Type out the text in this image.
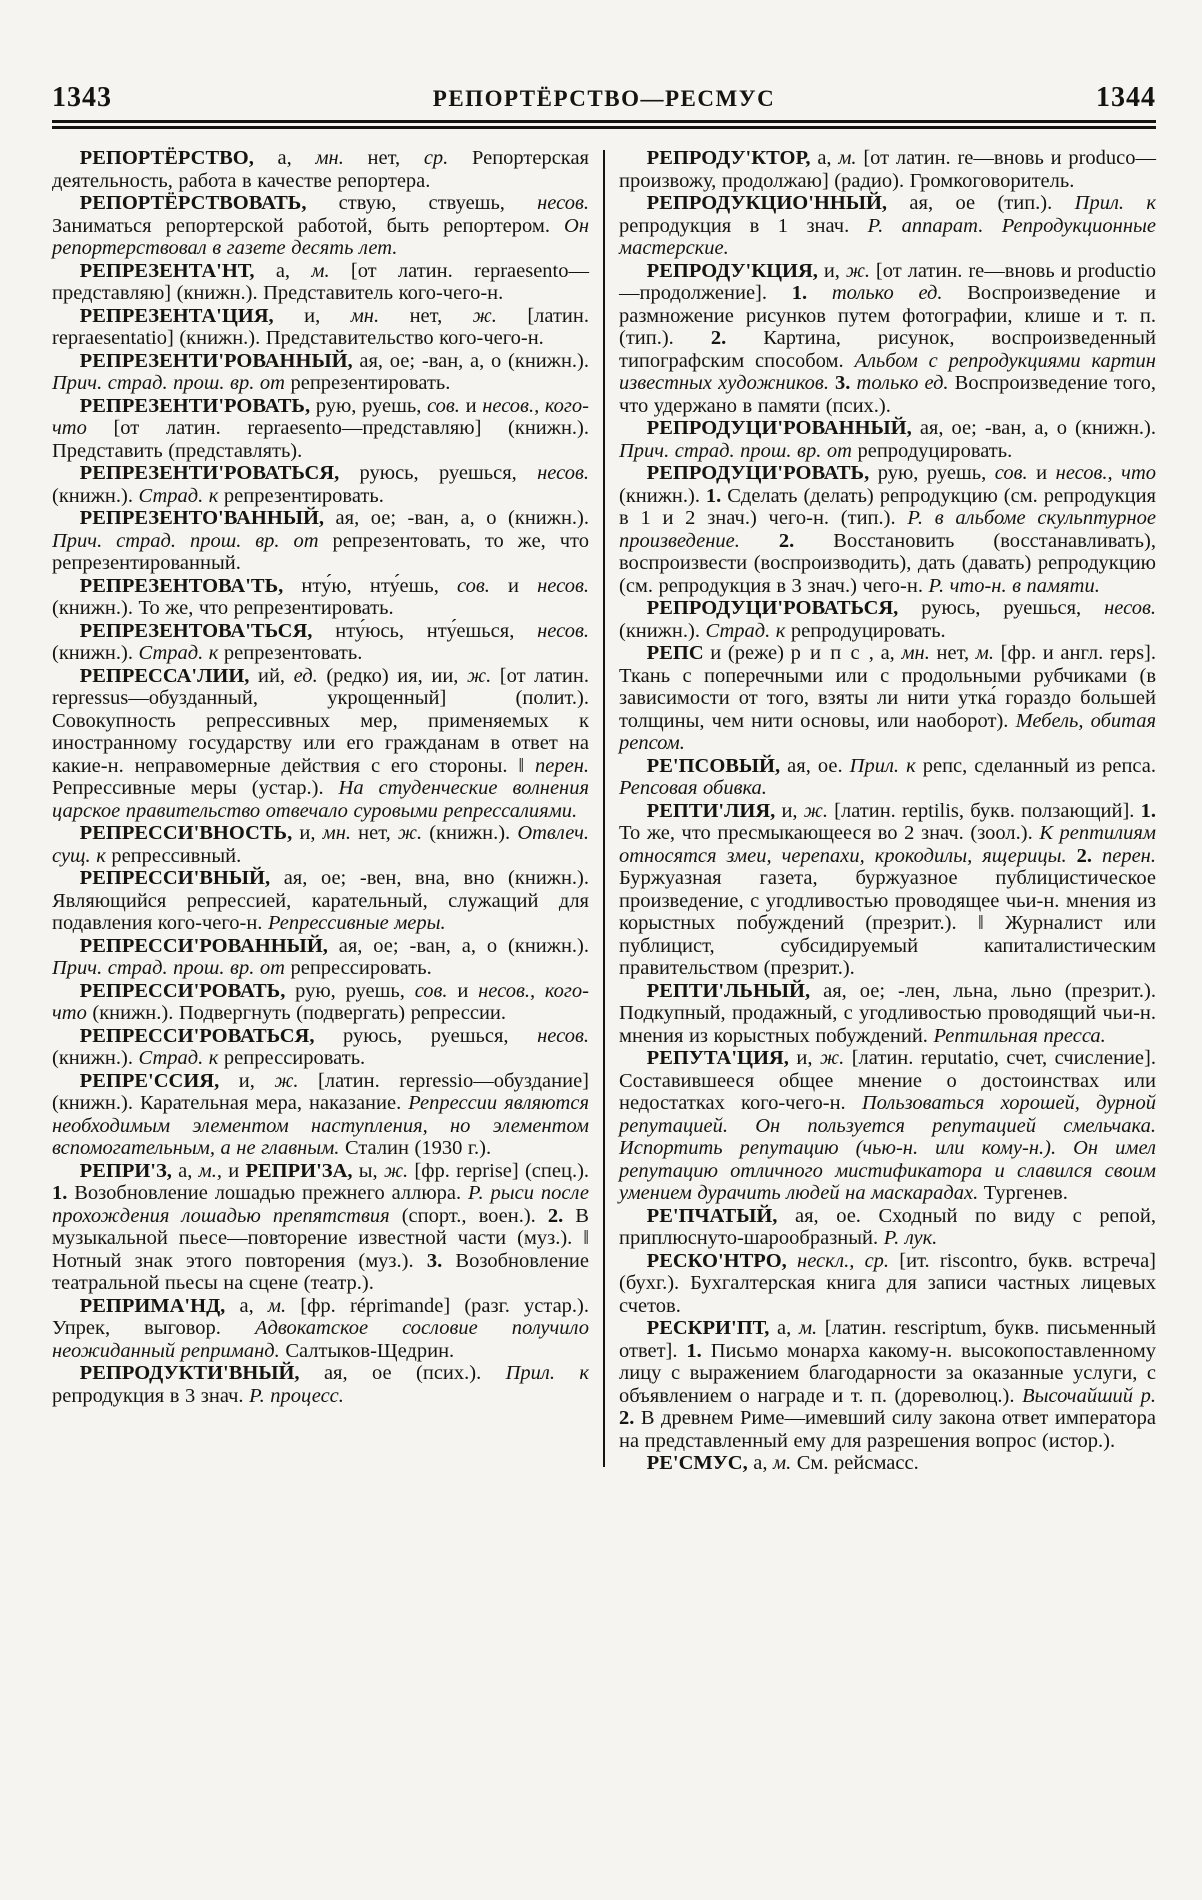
1343	РЕПОРТЁРСТВО—РЕСМУС	1344

РЕПОРТЁРСТВО, а, мн. нет, ср. Репортерская деятельность, работа в качестве репортера.

РЕПОРТЁРСТВОВАТЬ, ствую, ствуешь, несов. Заниматься репортерской работой, быть репортером. Он репортерствовал в газете десять лет.

РЕПРЕЗЕНТА'НТ, а, м. [от латин. repraesento—представляю] (книжн.). Представитель кого-чего-н.

РЕПРЕЗЕНТА'ЦИЯ, и, мн. нет, ж. [латин. repraesentatio] (книжн.). Представительство кого-чего-н.

РЕПРЕЗЕНТИ'РОВАННЫЙ, ая, ое; -ван, а, о (книжн.). Прич. страд. прош. вр. от репрезентировать.

РЕПРЕЗЕНТИ'РОВАТЬ, рую, руешь, сов. и несов., кого-что [от латин. repraesento—представляю] (книжн.). Представить (представлять).

РЕПРЕЗЕНТИ'РОВАТЬСЯ, руюсь, руешься, несов. (книжн.). Страд. к репрезентировать.

РЕПРЕЗЕНТО'ВАННЫЙ, ая, ое; -ван, а, о (книжн.). Прич. страд. прош. вр. от репрезентовать, то же, что репрезентированный.

РЕПРЕЗЕНТОВА'ТЬ, нту́ю, нту́ешь, сов. и несов. (книжн.). То же, что репрезентировать.

РЕПРЕЗЕНТОВА'ТЬСЯ, нту́юсь, нту́ешься, несов. (книжн.). Страд. к репрезентовать.

РЕПРЕССА'ЛИИ, ий, ед. (редко) ия, ии, ж. [от латин. repressus—обузданный, укрощенный] (полит.). Совокупность репрессивных мер, применяемых к иностранному государству или его гражданам в ответ на какие-н. неправомерные действия с его стороны. ‖ перен. Репрессивные меры (устар.). На студенческие волнения царское правительство отвечало суровыми репрессалиями.

РЕПРЕССИ'ВНОСТЬ, и, мн. нет, ж. (книжн.). Отвлеч. сущ. к репрессивный.

РЕПРЕССИ'ВНЫЙ, ая, ое; -вен, вна, вно (книжн.). Являющийся репрессией, карательный, служащий для подавления кого-чего-н. Репрессивные меры.

РЕПРЕССИ'РОВАННЫЙ, ая, ое; -ван, а, о (книжн.). Прич. страд. прош. вр. от репрессировать.

РЕПРЕССИ'РОВАТЬ, рую, руешь, сов. и несов., кого-что (книжн.). Подвергнуть (подвергать) репрессии.

РЕПРЕССИ'РОВАТЬСЯ, руюсь, руешься, несов. (книжн.). Страд. к репрессировать.

РЕПРЕ'ССИЯ, и, ж. [латин. repressio—обуздание] (книжн.). Карательная мера, наказание. Репрессии являются необходимым элементом наступления, но элементом вспомогательным, а не главным. Сталин (1930 г.).

РЕПРИ'З, а, м., и РЕПРИ'ЗА, ы, ж. [фр. reprise] (спец.). 1. Возобновление лошадью прежнего аллюра. Р. рыси после прохождения лошадью препятствия (спорт., воен.). 2. В музыкальной пьесе—повторение известной части (муз.). ‖ Нотный знак этого повторения (муз.). 3. Возобновление театральной пьесы на сцене (театр.).

РЕПРИМА'НД, а, м. [фр. réprimande] (разг. устар.). Упрек, выговор. Адвокатское сословие получило неожиданный реприманд. Салтыков-Щедрин.

РЕПРОДУКТИ'ВНЫЙ, ая, ое (псих.). Прил. к репродукция в 3 знач. Р. процесс.

РЕПРОДУ'КТОР, а, м. [от латин. re—вновь и produco—произвожу, продолжаю] (радио). Громкоговоритель.

РЕПРОДУКЦИО'ННЫЙ, ая, ое (тип.). Прил. к репродукция в 1 знач. Р. аппарат. Репродукционные мастерские.

РЕПРОДУ'КЦИЯ, и, ж. [от латин. re—вновь и productio—продолжение]. 1. только ед. Воспроизведение и размножение рисунков путем фотографии, клише и т. п. (тип.). 2. Картина, рисунок, воспроизведенный типографским способом. Альбом с репродукциями картин известных художников. 3. только ед. Воспроизведение того, что удержано в памяти (псих.).

РЕПРОДУЦИ'РОВАННЫЙ, ая, ое; -ван, а, о (книжн.). Прич. страд. прош. вр. от репродуцировать.

РЕПРОДУЦИ'РОВАТЬ, рую, руешь, сов. и несов., что (книжн.). 1. Сделать (делать) репродукцию (см. репродукция в 1 и 2 знач.) чего-н. (тип.). Р. в альбоме скульптурное произведение. 2. Восстановить (восстанавливать), воспроизвести (воспроизводить), дать (давать) репродукцию (см. репродукция в 3 знач.) чего-н. Р. что-н. в памяти.

РЕПРОДУЦИ'РОВАТЬСЯ, руюсь, руешься, несов. (книжн.). Страд. к репродуцировать.

РЕПС и (реже) рипс, а, мн. нет, м. [фр. и англ. reps]. Ткань с поперечными или с продольными рубчиками (в зависимости от того, взяты ли нити утка́ гораздо большей толщины, чем нити основы, или наоборот). Мебель, обитая репсом.

РЕ'ПСОВЫЙ, ая, ое. Прил. к репс, сделанный из репса. Репсовая обивка.

РЕПТИ'ЛИЯ, и, ж. [латин. reptilis, букв. ползающий]. 1. То же, что пресмыкающееся во 2 знач. (зоол.). К рептилиям относятся змеи, черепахи, крокодилы, ящерицы. 2. перен. Буржуазная газета, буржуазное публицистическое произведение, с угодливостью проводящее чьи-н. мнения из корыстных побуждений (презрит.). ‖ Журналист или публицист, субсидируемый капиталистическим правительством (презрит.).

РЕПТИ'ЛЬНЫЙ, ая, ое; -лен, льна, льно (презрит.). Подкупный, продажный, с угодливостью проводящий чьи-н. мнения из корыстных побуждений. Рептильная пресса.

РЕПУТА'ЦИЯ, и, ж. [латин. reputatio, счет, счисление]. Составившееся общее мнение о достоинствах или недостатках кого-чего-н. Пользоваться хорошей, дурной репутацией. Он пользуется репутацией смельчака. Испортить репутацию (чью-н. или кому-н.). Он имел репутацию отличного мистификатора и славился своим умением дурачить людей на маскарадах. Тургенев.

РЕ'ПЧАТЫЙ, ая, ое. Сходный по виду с репой, приплюснуто-шарообразный. Р. лук.

РЕСКО'НТРО, нескл., ср. [ит. riscontro, букв. встреча] (бухг.). Бухгалтерская книга для записи частных лицевых счетов.

РЕСКРИ'ПТ, а, м. [латин. rescriptum, букв. письменный ответ]. 1. Письмо монарха какому-н. высокопоставленному лицу с выражением благодарности за оказанные услуги, с объявлением о награде и т. п. (дореволюц.). Высочайший р. 2. В древнем Риме—имевший силу закона ответ императора на представленный ему для разрешения вопрос (истор.).

РЕ'СМУС, а, м. См. рейсмасс.
